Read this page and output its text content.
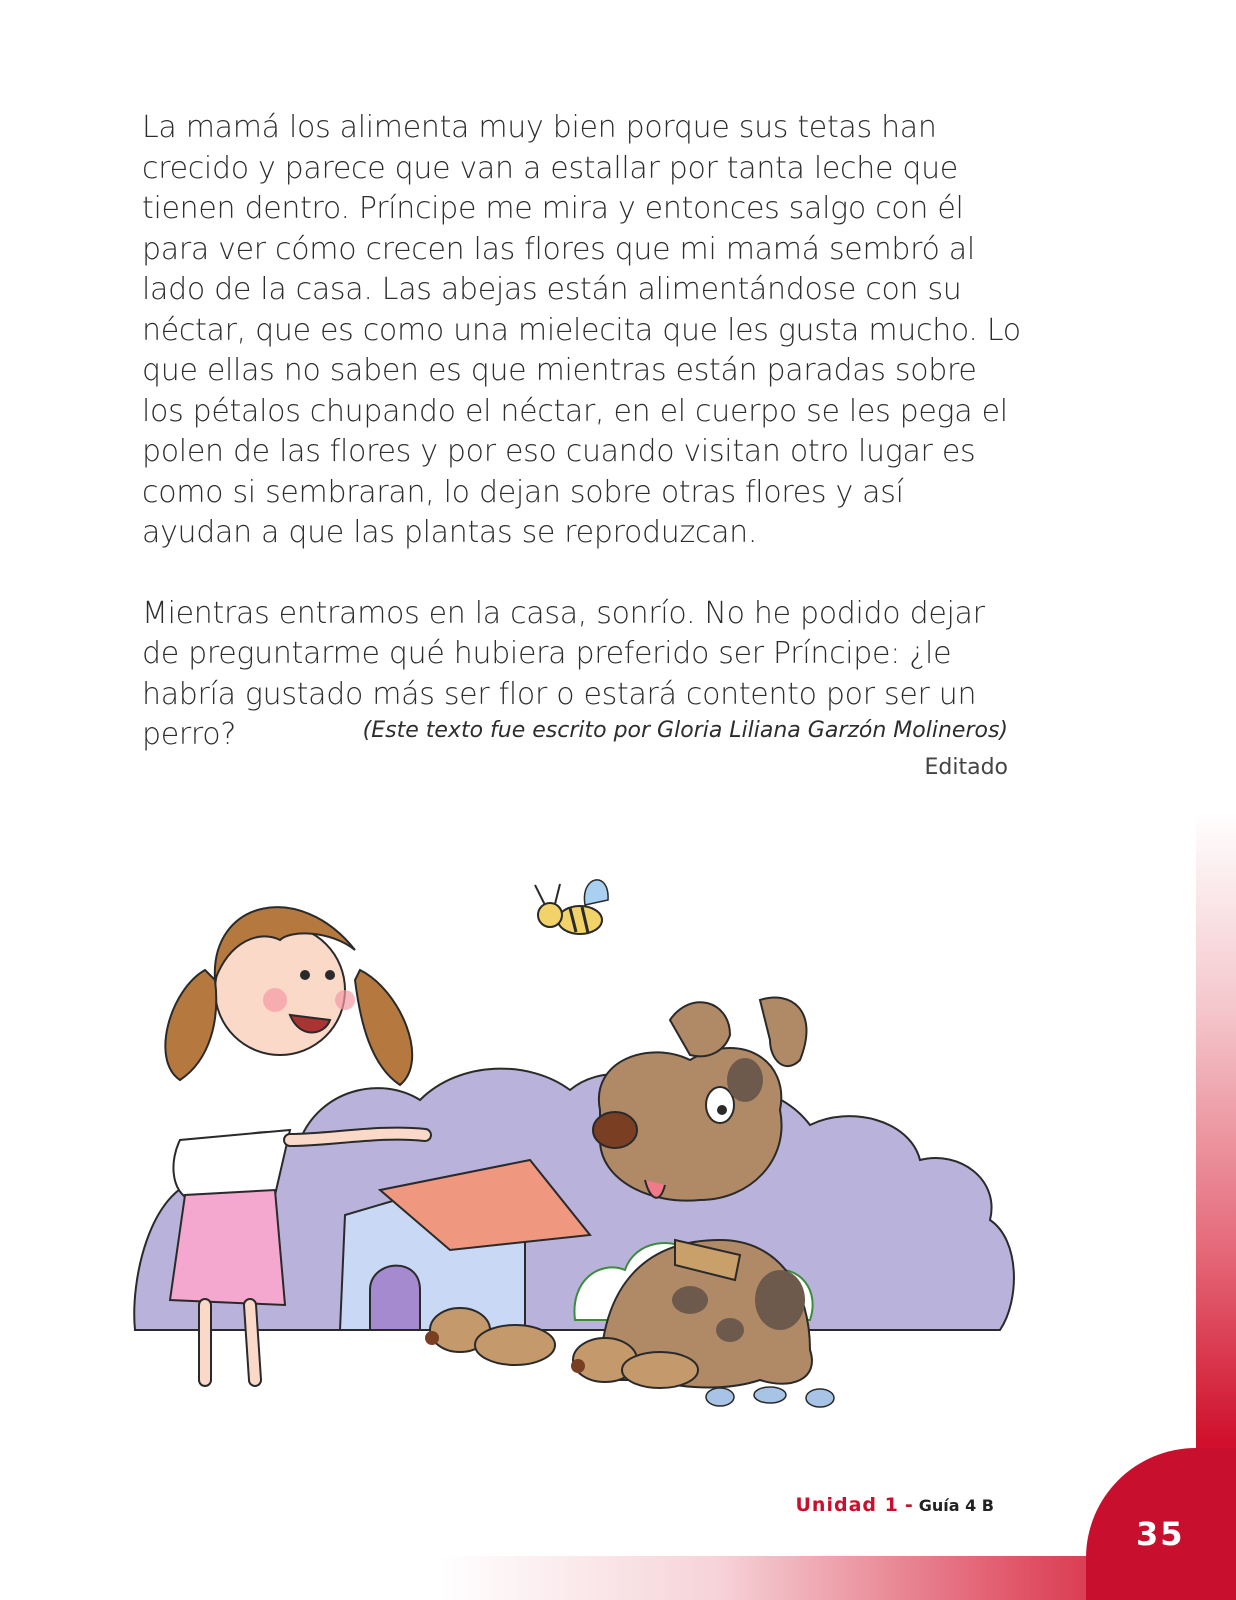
La mamá los alimenta muy bien porque sus tetas han crecido y parece que van a estallar por tanta leche que tienen dentro. Príncipe me mira y entonces salgo con él para ver cómo crecen las flores que mi mamá sembró al lado de la casa. Las abejas están alimentándose con su néctar, que es como una mielecita que les gusta mucho. Lo que ellas no saben es que mientras están paradas sobre los pétalos chupando el néctar, en el cuerpo se les pega el polen de las flores y por eso cuando visitan otro lugar es como si sembraran, lo dejan sobre otras flores y así ayudan a que las plantas se reproduzcan.

Mientras entramos en la casa, sonrío. No he podido dejar de preguntarme qué hubiera preferido ser Príncipe: ¿le habría gustado más ser flor o estará contento por ser un perro?	(Este texto fue escrito por Gloria Liliana Garzón Molineros)
Editado
Unidad 1 - Guía 4 B
35
